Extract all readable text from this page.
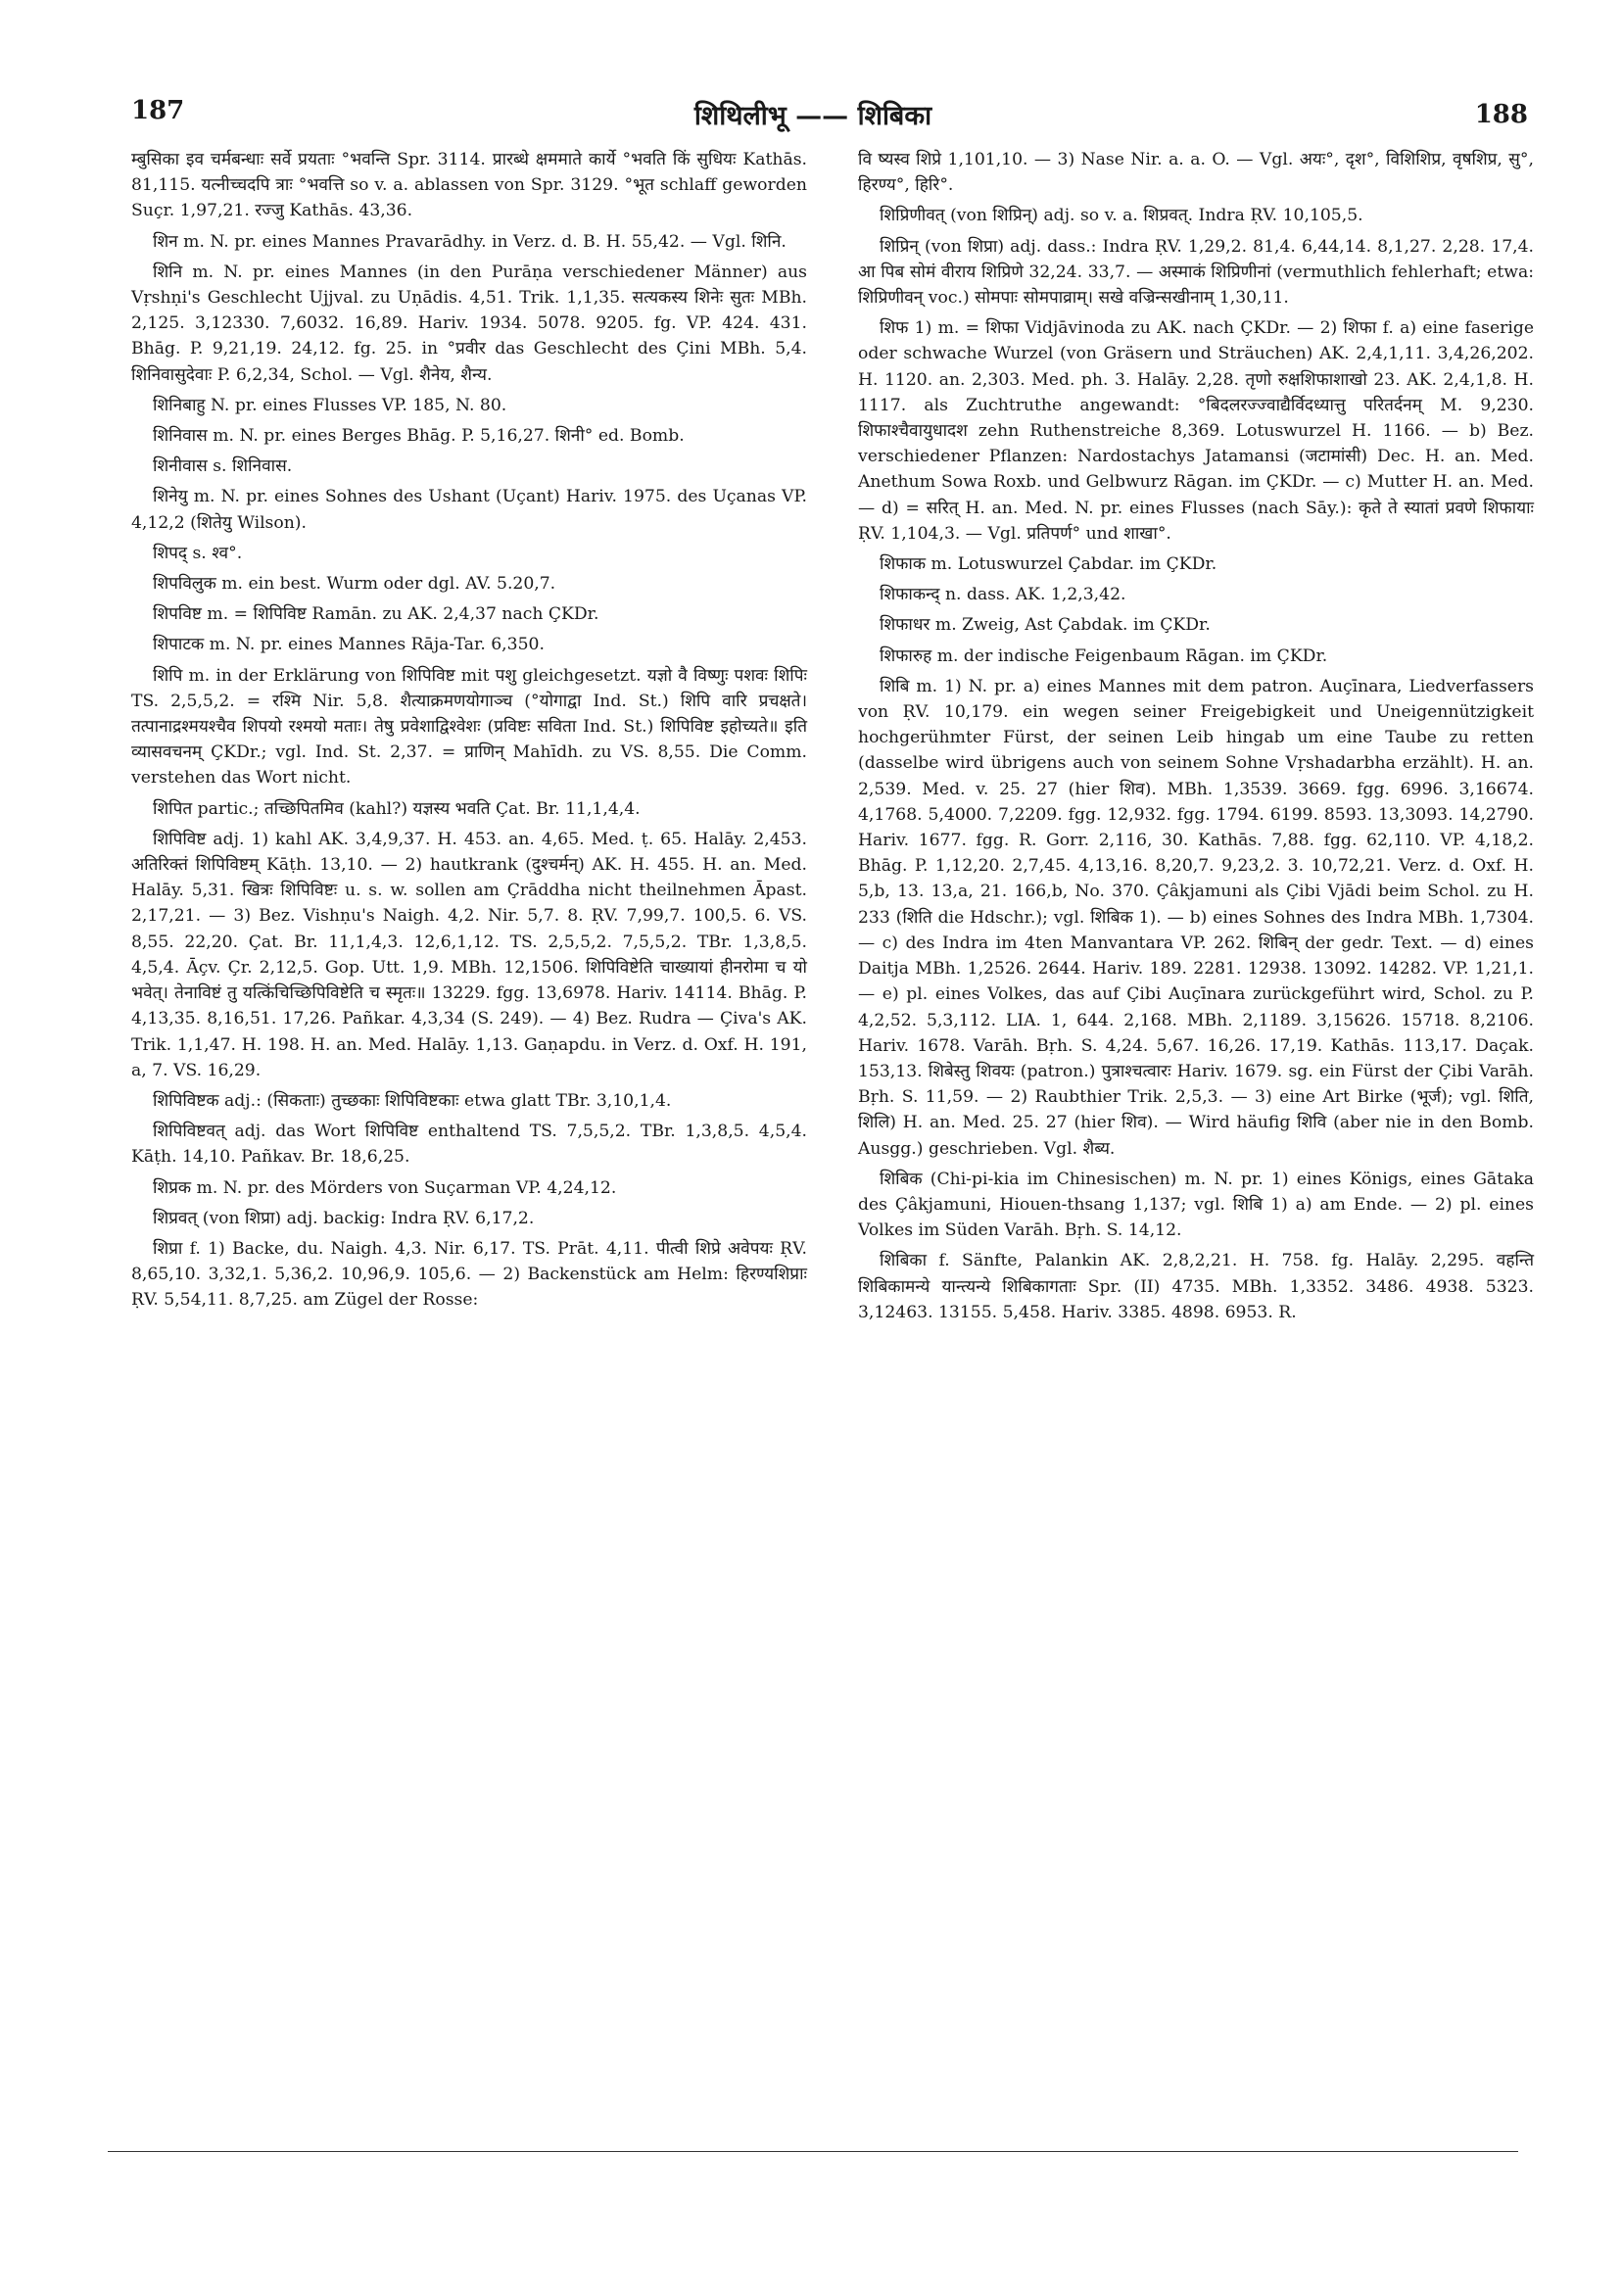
187	शिथिलीभू —— शिबिका	188

म्बुसिका इव चर्मबन्धाः सर्वे प्रयताः °भवन्ति Spr. 3114. प्रारब्धे क्षममाते कार्ये °भवति किं सुधियः Kathās. 81,115. यत्नीच्चदपि त्राः °भवत्ति so v. a. ablassen von Spr. 3129. °भूत schlaff geworden Suçr. 1,97,21. रज्जु Kathās. 43,36.

शिन m. N. pr. eines Mannes Pravarādhy. in Verz. d. B. H. 55,42. — Vgl. शिनि.

शिनि m. N. pr. eines Mannes (in den Purāṇa verschiedener Männer) aus Vṛshṇi's Geschlecht Ujjval. zu Uṇādis. 4,51. Trik. 1,1,35. सत्यकस्य शिनेः सुतः MBh. 2,125. 3,12330. 7,6032. 16,89. Hariv. 1934. 5078. 9205. fg. VP. 424. 431. Bhāg. P. 9,21,19. 24,12. fg. 25. in °प्रवीर das Geschlecht des Çini MBh. 5,4. शिनिवासुदेवाः P. 6,2,34, Schol. — Vgl. शैनेय, शैन्य.

शिनिबाहु N. pr. eines Flusses VP. 185, N. 80.

शिनिवास m. N. pr. eines Berges Bhāg. P. 5,16,27. शिनी° ed. Bomb.

शिनीवास s. शिनिवास.

शिनेयु m. N. pr. eines Sohnes des Ushant (Uçant) Hariv. 1975. des Uçanas VP. 4,12,2 (शितेयु Wilson).

शिपद् s. श्व°.

शिपविलुक m. ein best. Wurm oder dgl. AV. 5.20,7.

शिपविष्ट m. = शिपिविष्ट Ramān. zu AK. 2,4,37 nach ÇKDr.

शिपाटक m. N. pr. eines Mannes Rāja-Tar. 6,350.

शिपि m. in der Erklärung von शिपिविष्ट mit पशु gleichgesetzt. यज्ञो वै विष्णुः पशवः शिपिः TS. 2,5,5,2. = रश्मि Nir. 5,8. शैत्याक्रमणयोगाञ्च (°योगाद्वा Ind. St.) शिपि वारि प्रचक्षते। तत्पानाद्रश्मयश्चैव शिपयो रश्मयो मताः। तेषु प्रवेशाद्विश्वेशः (प्रविष्टः सविता Ind. St.) शिपिविष्ट इहोच्यते॥ इति व्यासवचनम् ÇKDr.; vgl. Ind. St. 2,37. = प्राणिन् Mahīdh. zu VS. 8,55. Die Comm. verstehen das Wort nicht.

शिपित partic.; तच्छिपितमिव (kahl?) यज्ञस्य भवति Çat. Br. 11,1,4,4.

शिपिविष्ट adj. 1) kahl AK. 3,4,9,37. H. 453. an. 4,65. Med. ṭ. 65. Halāy. 2,453. अतिरिक्तं शिपिविष्टम् Kāṭh. 13,10. — 2) hautkrank (दुश्चर्मन्) AK. H. 455. H. an. Med. Halāy. 5,31. खित्रः शिपिविष्टः u. s. w. sollen am Çrāddha nicht theilnehmen Āpast. 2,17,21. — 3) Bez. Vishṇu's Naigh. 4,2. Nir. 5,7. 8. ṚV. 7,99,7. 100,5. 6. VS. 8,55. 22,20. Çat. Br. 11,1,4,3. 12,6,1,12. TS. 2,5,5,2. 7,5,5,2. TBr. 1,3,8,5. 4,5,4. Āçv. Çr. 2,12,5. Gop. Utt. 1,9. MBh. 12,1506. शिपिविष्टेति चाख्यायां हीनरोमा च यो भवेत्। तेनाविष्टं तु यत्किंचिच्छिपिविष्टेति च स्मृतः॥ 13229. fgg. 13,6978. Hariv. 14114. Bhāg. P. 4,13,35. 8,16,51. 17,26. Pañkar. 4,3,34 (S. 249). — 4) Bez. Rudra — Çiva's AK. Trik. 1,1,47. H. 198. H. an. Med. Halāy. 1,13. Gaṇapdu. in Verz. d. Oxf. H. 191, a, 7. VS. 16,29.

शिपिविष्टक adj.: (सिकताः) तुच्छकाः शिपिविष्टकाः etwa glatt TBr. 3,10,1,4.

शिपिविष्टवत् adj. das Wort शिपिविष्ट enthaltend TS. 7,5,5,2. TBr. 1,3,8,5. 4,5,4. Kāṭh. 14,10. Pañkav. Br. 18,6,25.

शिप्रक m. N. pr. des Mörders von Suçarman VP. 4,24,12.

शिप्रवत् (von शिप्रा) adj. backig: Indra ṚV. 6,17,2.

शिप्रा f. 1) Backe, du. Naigh. 4,3. Nir. 6,17. TS. Prāt. 4,11. पीत्वी शिप्रे अवेपयः ṚV. 8,65,10. 3,32,1. 5,36,2. 10,96,9. 105,6. — 2) Backenstück am Helm: हिरण्यशिप्राः ṚV. 5,54,11. 8,7,25. am Zügel der Rosse:

वि ष्यस्व शिप्रे 1,101,10. — 3) Nase Nir. a. a. O. — Vgl. अयः°, दृश°, विशिशिप्र, वृषशिप्र, सु°, हिरण्य°, हिरि°.

शिप्रिणीवत् (von शिप्रिन्) adj. so v. a. शिप्रवत्. Indra ṚV. 10,105,5.

शिप्रिन् (von शिप्रा) adj. dass.: Indra ṚV. 1,29,2. 81,4. 6,44,14. 8,1,27. 2,28. 17,4. आ पिब सोमं वीराय शिप्रिणे 32,24. 33,7. — अस्माकं शिप्रिणीनां (vermuthlich fehlerhaft; etwa: शिप्रिणीवन् voc.) सोमपाः सोमपाव्राम्। सखे वज्रिन्सखीनाम् 1,30,11.

शिफ 1) m. = शिफा Vidjāvinoda zu AK. nach ÇKDr. — 2) शिफा f. a) eine faserige oder schwache Wurzel (von Gräsern und Sträuchen) AK. 2,4,1,11. 3,4,26,202. H. 1120. an. 2,303. Med. ph. 3. Halāy. 2,28. तृणो रुक्षशिफाशाखो 23. AK. 2,4,1,8. H. 1117. als Zuchtruthe angewandt: °बिदलरज्ज्वाद्यैर्विदध्यात्तु परितर्दनम् M. 9,230. शिफाश्चैवायुधादश zehn Ruthenstreiche 8,369. Lotuswurzel H. 1166. — b) Bez. verschiedener Pflanzen: Nardostachys Jatamansi (जटामांसी) Dec. H. an. Med. Anethum Sowa Roxb. und Gelbwurz Rāgan. im ÇKDr. — c) Mutter H. an. Med. — d) = सरित् H. an. Med. N. pr. eines Flusses (nach Sāy.): कृते ते स्यातां प्रवणे शिफायाः ṚV. 1,104,3. — Vgl. प्रतिपर्ण° und शाखा°.

शिफाक m. Lotuswurzel Çabdar. im ÇKDr.

शिफाकन्द् n. dass. AK. 1,2,3,42.

शिफाधर m. Zweig, Ast Çabdak. im ÇKDr.

शिफारुह m. der indische Feigenbaum Rāgan. im ÇKDr.

शिबि m. 1) N. pr. a) eines Mannes mit dem patron. Auçīnara, Liedverfassers von ṚV. 10,179. ein wegen seiner Freigebigkeit und Uneigennützigkeit hochgerühmter Fürst, der seinen Leib hingab um eine Taube zu retten (dasselbe wird übrigens auch von seinem Sohne Vṛshadarbha erzählt). H. an. 2,539. Med. v. 25. 27 (hier शिव). MBh. 1,3539. 3669. fgg. 6996. 3,16674. 4,1768. 5,4000. 7,2209. fgg. 12,932. fgg. 1794. 6199. 8593. 13,3093. 14,2790. Hariv. 1677. fgg. R. Gorr. 2,116, 30. Kathās. 7,88. fgg. 62,110. VP. 4,18,2. Bhāg. P. 1,12,20. 2,7,45. 4,13,16. 8,20,7. 9,23,2. 3. 10,72,21. Verz. d. Oxf. H. 5,b, 13. 13,a, 21. 166,b, No. 370. Çâkjamuni als Çibi Vjādi beim Schol. zu H. 233 (शिति die Hdschr.); vgl. शिबिक 1). — b) eines Sohnes des Indra MBh. 1,7304. — c) des Indra im 4ten Manvantara VP. 262. शिबिन् der gedr. Text. — d) eines Daitja MBh. 1,2526. 2644. Hariv. 189. 2281. 12938. 13092. 14282. VP. 1,21,1. — e) pl. eines Volkes, das auf Çibi Auçīnara zurückgeführt wird, Schol. zu P. 4,2,52. 5,3,112. LIA. 1, 644. 2,168. MBh. 2,1189. 3,15626. 15718. 8,2106. Hariv. 1678. Varāh. Bṛh. S. 4,24. 5,67. 16,26. 17,19. Kathās. 113,17. Daçak. 153,13. शिबेस्तु शिवयः (patron.) पुत्राश्चत्वारः Hariv. 1679. sg. ein Fürst der Çibi Varāh. Bṛh. S. 11,59. — 2) Raubthier Trik. 2,5,3. — 3) eine Art Birke (भूर्ज); vgl. शिति, शिलि) H. an. Med. 25. 27 (hier शिव). — Wird häufig शिवि (aber nie in den Bomb. Ausgg.) geschrieben. Vgl. शैब्य.

शिबिक (Chi-pi-kia im Chinesischen) m. N. pr. 1) eines Königs, eines Gātaka des Çâkjamuni, Hiouen-thsang 1,137; vgl. शिबि 1) a) am Ende. — 2) pl. eines Volkes im Süden Varāh. Bṛh. S. 14,12.

शिबिका f. Sänfte, Palankin AK. 2,8,2,21. H. 758. fg. Halāy. 2,295. वहन्ति शिबिकामन्ये यान्त्यन्ये शिबिकागताः Spr. (II) 4735. MBh. 1,3352. 3486. 4938. 5323. 3,12463. 13155. 5,458. Hariv. 3385. 4898. 6953. R.
